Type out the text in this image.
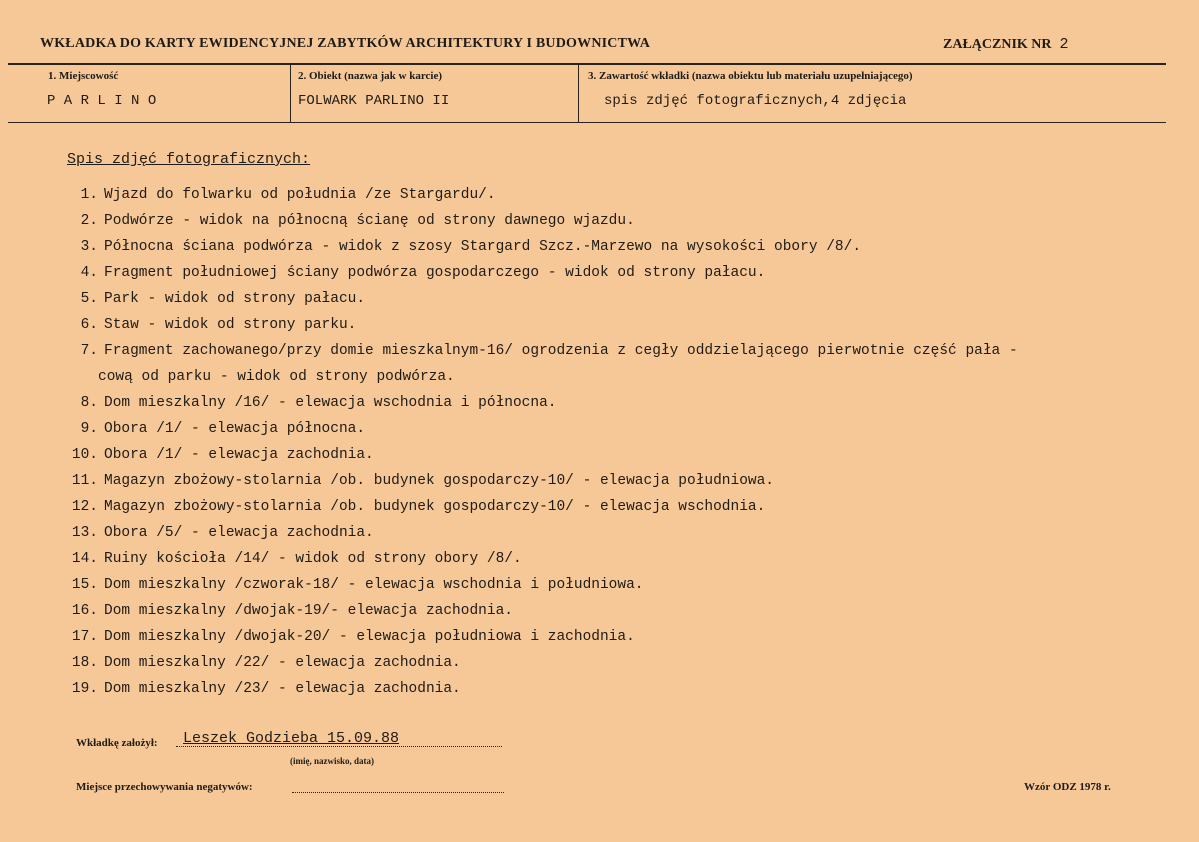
WKŁADKA DO KARTY EWIDENCYJNEJ ZABYTKÓW ARCHITEKTURY I BUDOWNICTWA	ZAŁĄCZNIK NR 2
1. Miejscowość
P A R L I N O
2. Obiekt (nazwa jak w karcie)
FOLWARK PARLINO II
3. Zawartość wkładki (nazwa obiektu lub materiału uzupełniającego)
spis zdjęć fotograficznych,4 zdjęcia
Spis zdjęć fotograficznych:
1. Wjazd do folwarku od południa /ze Stargardu/.
2. Podwórze - widok na północną ścianę od strony dawnego wjazdu.
3. Północna ściana podwórza - widok z szosy Stargard Szcz.-Marzewo na wysokości obory /8/.
4. Fragment południowej ściany podwórza gospodarczego - widok od strony pałacu.
5. Park - widok od strony pałacu.
6. Staw - widok od strony parku.
7. Fragment zachowanego/przy domie mieszkalnym-16/ ogrodzenia z cegły oddzielającego pierwotnie część pała -
cową od parku - widok od strony podwórza.
8. Dom mieszkalny /16/ - elewacja wschodnia i północna.
9. Obora /1/ - elewacja północna.
10. Obora /1/ - elewacja zachodnia.
11. Magazyn zbożowy-stolarnia /ob. budynek gospodarczy-10/ - elewacja południowa.
12. Magazyn zbożowy-stolarnia /ob. budynek gospodarczy-10/ - elewacja wschodnia.
13. Obora /5/ - elewacja zachodnia.
14. Ruiny kościoła /14/ - widok od strony obory /8/.
15. Dom mieszkalny /czworak-18/ - elewacja wschodnia i południowa.
16. Dom mieszkalny /dwojak-19/- elewacja zachodnia.
17. Dom mieszkalny /dwojak-20/ - elewacja południowa i zachodnia.
18. Dom mieszkalny /22/ - elewacja zachodnia.
19. Dom mieszkalny /23/ - elewacja zachodnia.
Wkładkę założył: Leszek Godzieba 15.09.88
(imię, nazwisko, data)
Miejsce przechowywania negatywów:	Wzór ODZ 1978 r.
